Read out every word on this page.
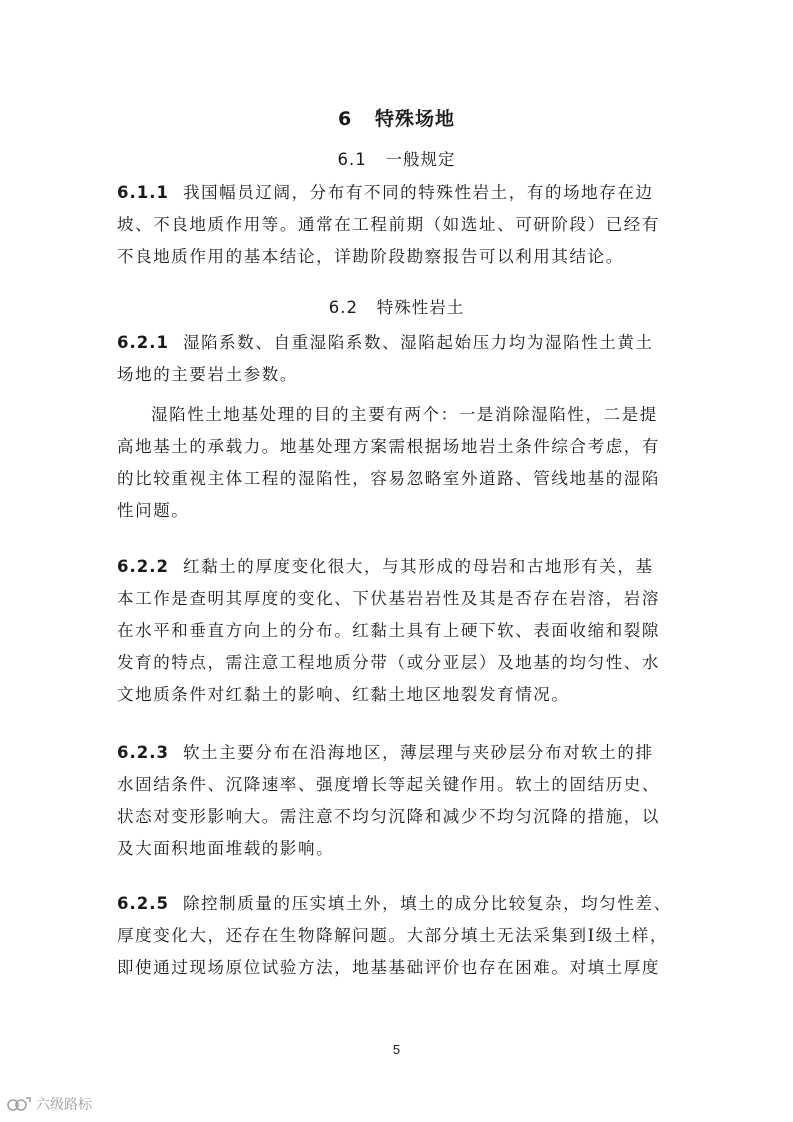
6 特殊场地
6.1 一般规定
6.1.1 我国幅员辽阔，分布有不同的特殊性岩土，有的场地存在边
坡、不良地质作用等。通常在工程前期（如选址、可研阶段）已经有
不良地质作用的基本结论，详勘阶段勘察报告可以利用其结论。
6.2 特殊性岩土
6.2.1 湿陷系数、自重湿陷系数、湿陷起始压力均为湿陷性土黄土
场地的主要岩土参数。
湿陷性土地基处理的目的主要有两个：一是消除湿陷性，二是提
高地基土的承载力。地基处理方案需根据场地岩土条件综合考虑，有
的比较重视主体工程的湿陷性，容易忽略室外道路、管线地基的湿陷
性问题。
6.2.2 红黏土的厚度变化很大，与其形成的母岩和古地形有关，基
本工作是查明其厚度的变化、下伏基岩岩性及其是否存在岩溶，岩溶
在水平和垂直方向上的分布。红黏土具有上硬下软、表面收缩和裂隙
发育的特点，需注意工程地质分带（或分亚层）及地基的均匀性、水
文地质条件对红黏土的影响、红黏土地区地裂发育情况。
6.2.3 软土主要分布在沿海地区，薄层理与夹砂层分布对软土的排
水固结条件、沉降速率、强度增长等起关键作用。软土的固结历史、
状态对变形影响大。需注意不均匀沉降和减少不均匀沉降的措施，以
及大面积地面堆载的影响。
6.2.5 除控制质量的压实填土外，填土的成分比较复杂，均匀性差、
厚度变化大，还存在生物降解问题。大部分填土无法采集到Ⅰ级土样，
即使通过现场原位试验方法，地基基础评价也存在困难。对填土厚度
5
六级路标
